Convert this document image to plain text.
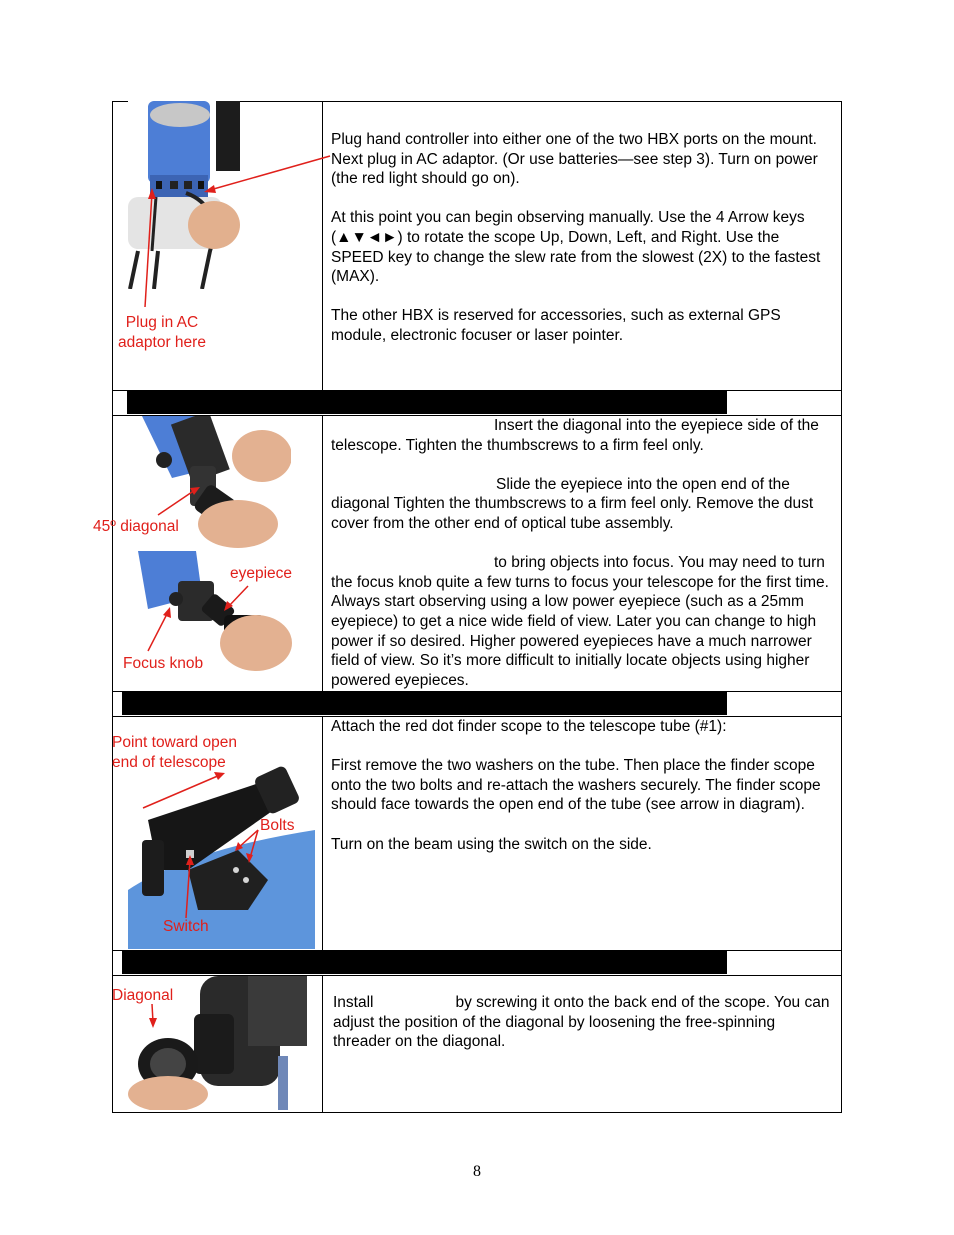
Plug in AC adaptor here

Plug hand controller into either one of the two HBX ports on the mount. Next plug in AC adaptor. (Or use batteries—see step 3). Turn on power (the red light should go on).

At this point you can begin observing manually. Use the 4 Arrow keys (▲▼◄►) to rotate the scope Up, Down, Left, and Right. Use the SPEED key to change the slew rate from the slowest (2X) to the fastest (MAX).

The other HBX is reserved for accessories, such as external GPS module, electronic focuser or laser pointer.

45º diagonal
eyepiece
Focus knob

Insert the diagonal into the eyepiece side of the telescope. Tighten the thumbscrews to a firm feel only.

Slide the eyepiece into the open end of the diagonal Tighten the thumbscrews to a firm feel only. Remove the dust cover from the other end of optical tube assembly.

to bring objects into focus. You may need to turn the focus knob quite a few turns to focus your telescope for the first time. Always start observing using a low power eyepiece (such as a 25mm eyepiece) to get a nice wide field of view. Later you can change to high power if so desired. Higher powered eyepieces have a much narrower field of view. So it’s more difficult to initially locate objects using higher powered eyepieces.

Point toward open end of telescope
Bolts
Switch

Attach the red dot finder scope to the telescope tube (#1):

First remove the two washers on the tube. Then place the finder scope onto the two bolts and re-attach the washers securely. The finder scope should face towards the open end of the tube (see arrow in diagram).

Turn on the beam using the switch on the side.

Diagonal	Install	by screwing it onto the back end of the scope. You can adjust the position of the diagonal by loosening the free-spinning threader on the diagonal.

8
